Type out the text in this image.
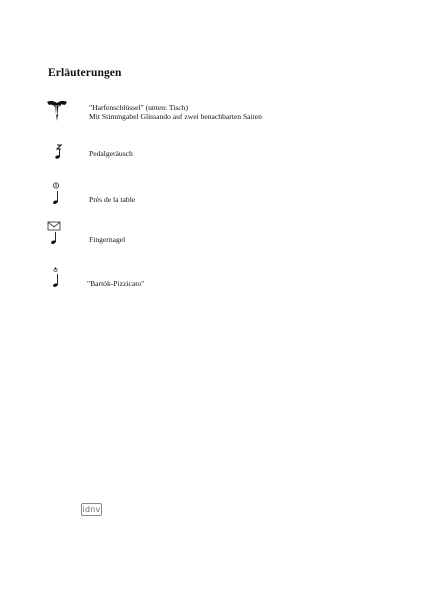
Erläuterungen
"Harfenschlüssel" (unten: Tisch)
Mit Stimmgabel Glissando auf zwei benachbarten Saiten
Pedalgeräusch
Près de la table
Fingernagel
"Bartók-Pizzicato"
idnv
